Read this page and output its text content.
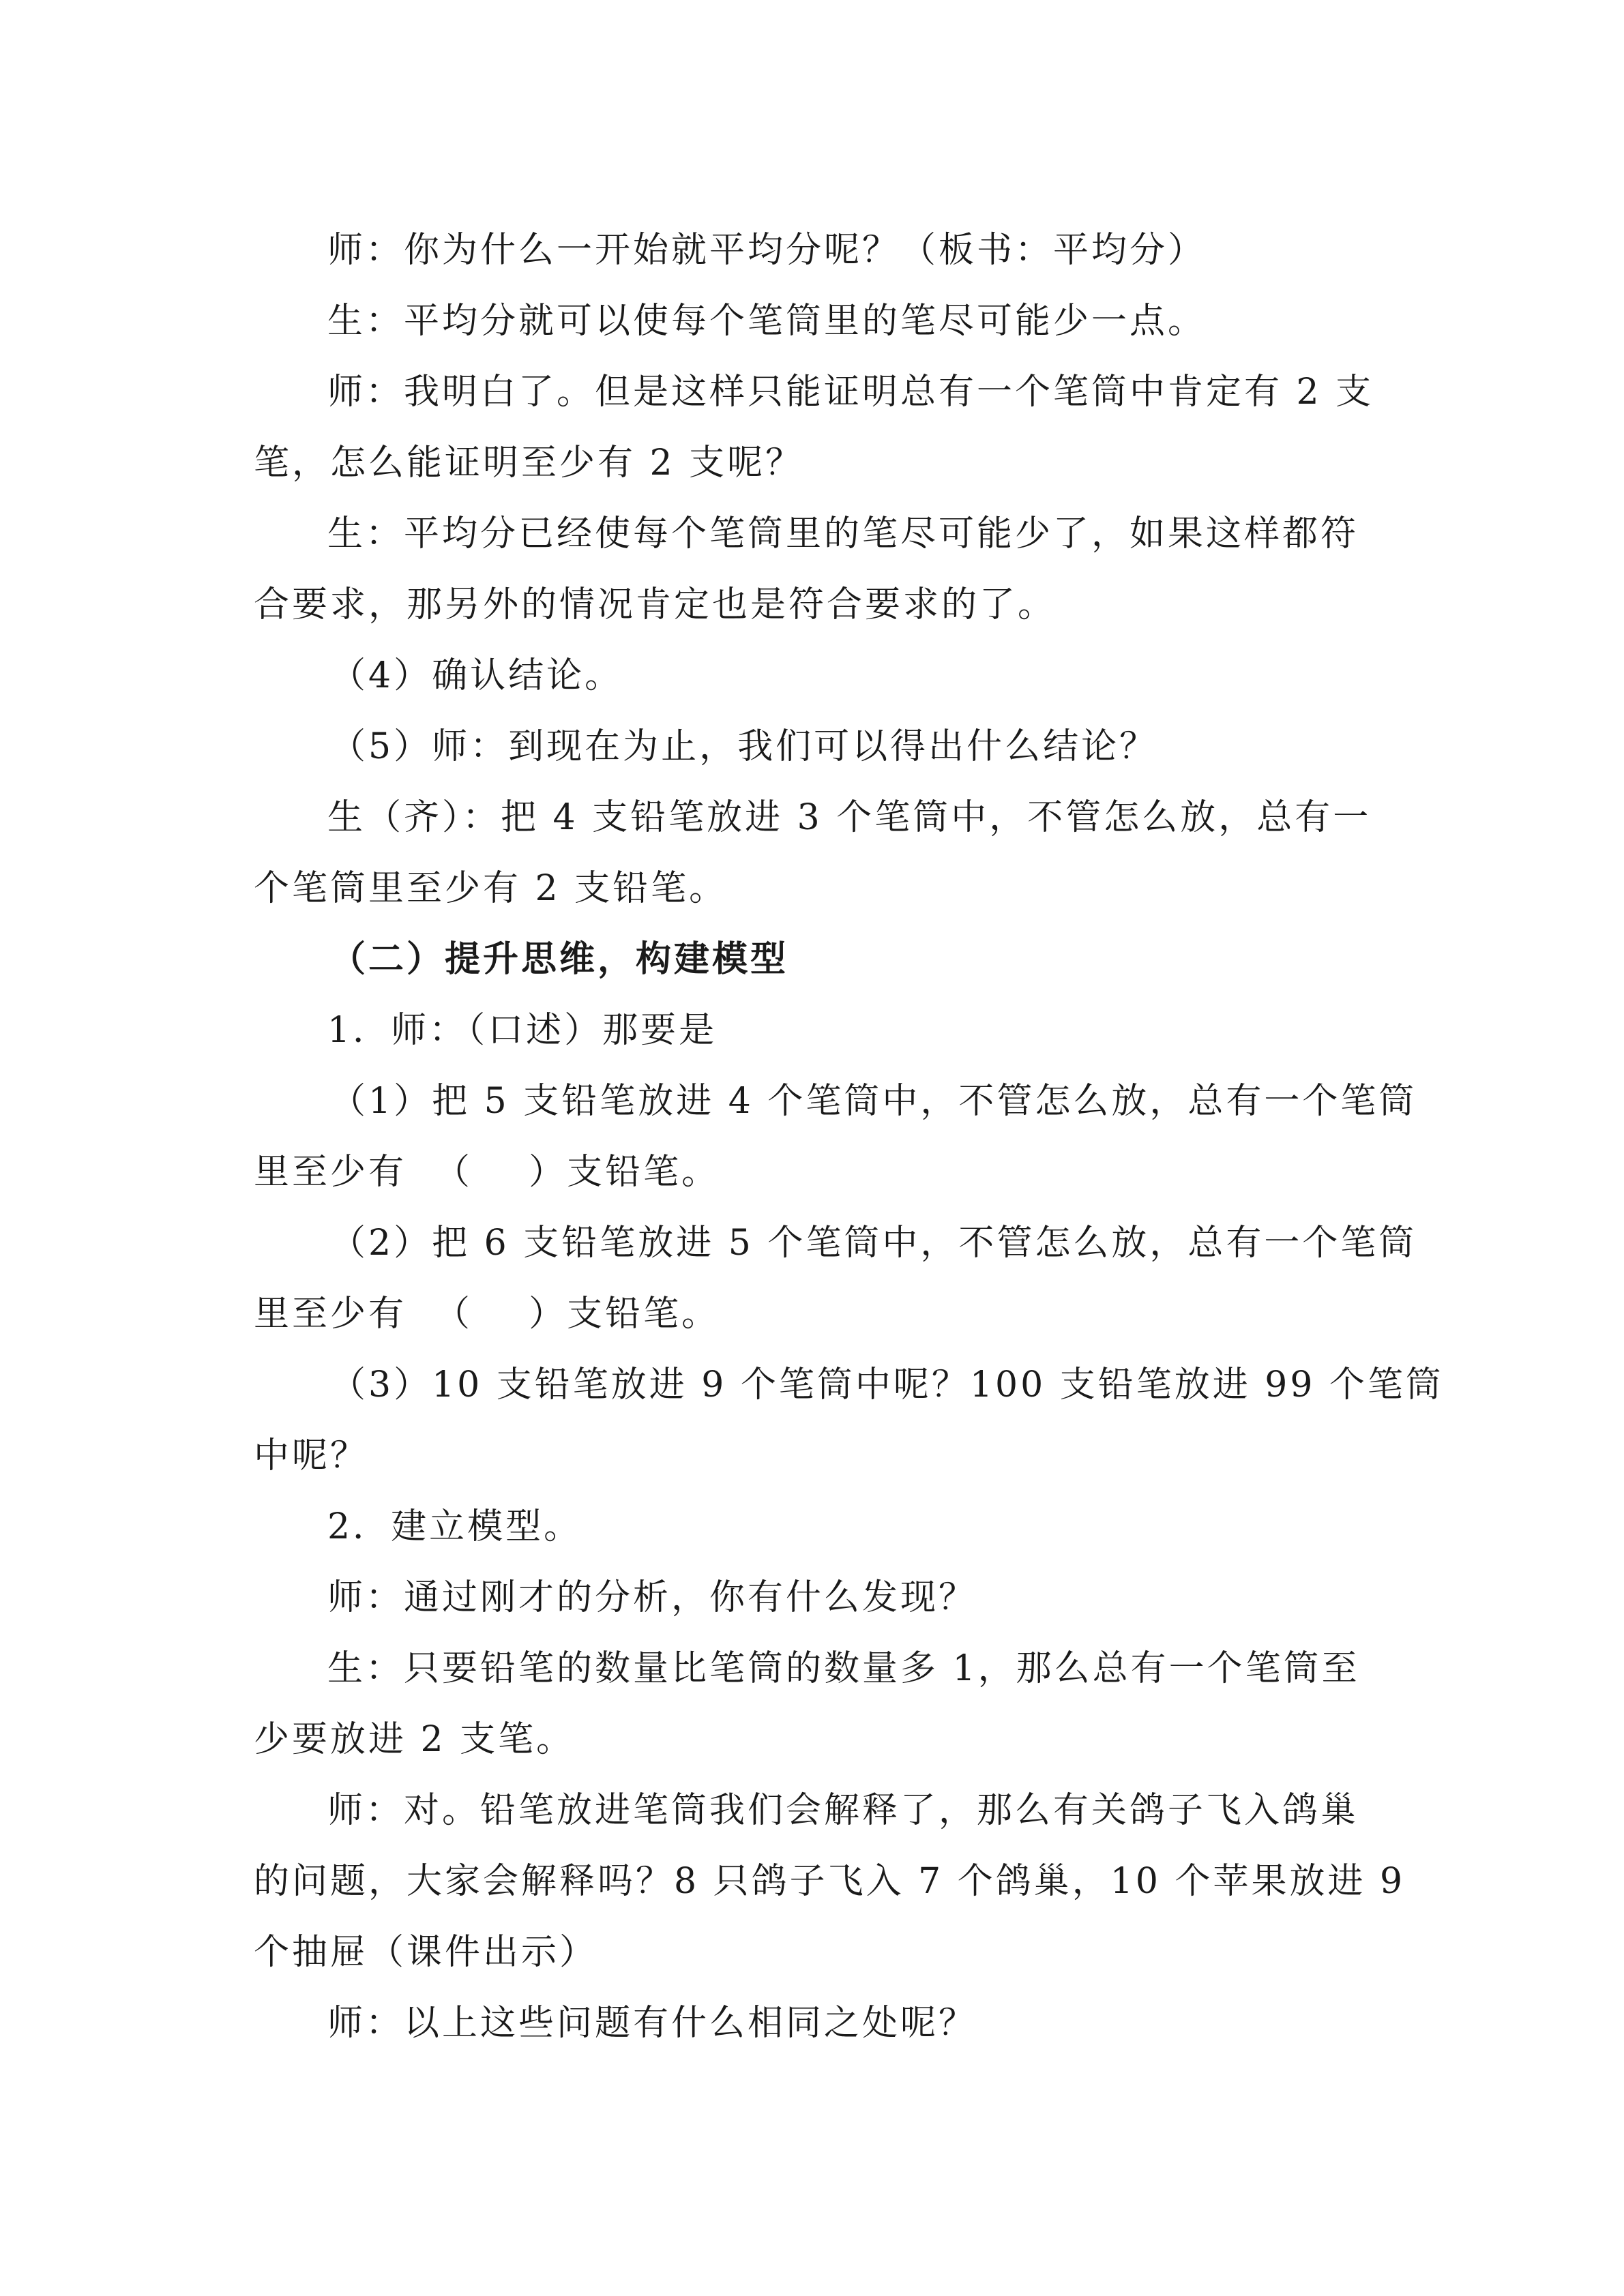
师：你为什么一开始就平均分呢？（板书：平均分）
生：平均分就可以使每个笔筒里的笔尽可能少一点。
师：我明白了。但是这样只能证明总有一个笔筒中肯定有 2 支
笔，怎么能证明至少有 2 支呢？
生：平均分已经使每个笔筒里的笔尽可能少了，如果这样都符
合要求，那另外的情况肯定也是符合要求的了。
（4）确认结论。
（5）师：到现在为止，我们可以得出什么结论？
生（齐）：把 4 支铅笔放进 3 个笔筒中，不管怎么放，总有一
个笔筒里至少有 2 支铅笔。
（二）提升思维，构建模型
1．师：（口述）那要是
（1）把 5 支铅笔放进 4 个笔筒中，不管怎么放，总有一个笔筒
里至少有  （    ）支铅笔。
（2）把 6 支铅笔放进 5 个笔筒中，不管怎么放，总有一个笔筒
里至少有  （    ）支铅笔。
（3）10 支铅笔放进 9 个笔筒中呢？100 支铅笔放进 99 个笔筒
中呢？
2．建立模型。
师：通过刚才的分析，你有什么发现？
生：只要铅笔的数量比笔筒的数量多 1，那么总有一个笔筒至
少要放进 2 支笔。
师：对。铅笔放进笔筒我们会解释了，那么有关鸽子飞入鸽巢
的问题，大家会解释吗？8 只鸽子飞入 7 个鸽巢，10 个苹果放进 9
个抽屉（课件出示）
师：以上这些问题有什么相同之处呢？
